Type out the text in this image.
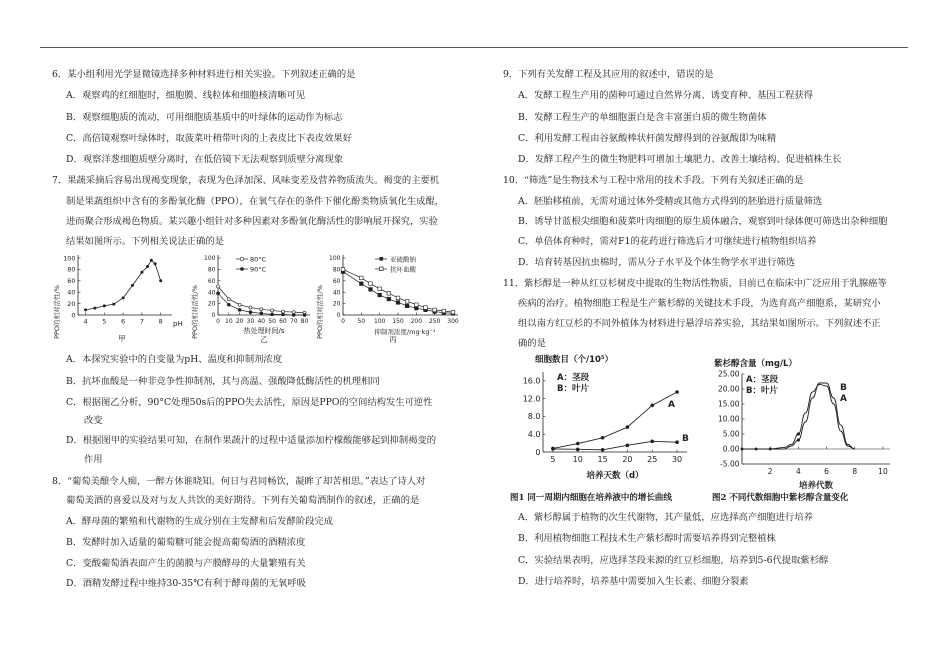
6．某小组利用光学显微镜选择多种材料进行相关实验。下列叙述正确的是
A．观察鸡的红细胞时，细胞膜、线粒体和细胞核清晰可见
B．观察细胞质的流动，可用细胞质基质中的叶绿体的运动作为标志
C．高倍镜观察叶绿体时，取菠菜叶稍带叶肉的上表皮比下表皮效果好
D．观察洋葱细胞质壁分离时，在低倍镜下无法观察到质壁分离现象
7．果蔬采摘后容易出现褐变现象，表现为色泽加深、风味变差及营养物质流失。褐变的主要机
制是果蔬组织中含有的多酚氧化酶（PPO），在氧气存在的条件下催化酚类物质氧化生成醌，
进而聚合形成褐色物质。某兴趣小组针对多种因素对多酚氧化酶活性的影响展开探究，实验
结果如图所示。下列相关说法正确的是
PPO的相对活性/% 0
20
40
60
80
100
4 5 6 7 8 pH
甲	PPO的相对活性/% 0
20
40
60
80
100
0 10 20 30 40 50 60 70 80
80°C
90°C
热处理时间/s
乙
PPO的相对活性/% 0
20
40
60
80
100
0 50 100 150 200 250 300
亚硫酸钠
抗坏血酸
抑制剂浓度/mg·kg⁻¹
丙
A．本探究实验中的自变量为pH、温度和抑制剂浓度
B．抗坏血酸是一种非竞争性抑制剂，其与高温、强酸降低酶活性的机理相同
C．根据图乙分析，90°C处理50s后的PPO失去活性，原因是PPO的空间结构发生可逆性
改变
D．根据图甲的实验结果可知，在制作果蔬汁的过程中适量添加柠檬酸能够起到抑制褐变的
作用
8．“葡萄美酿令人痴，一醉方休谁晓知。何日与君同畅饮，凝眸了却苦相思。”表达了诗人对
葡萄美酒的喜爱以及对与友人共饮的美好期待。下列有关葡萄酒制作的叙述，正确的是
A．酵母菌的繁殖和代谢物的生成分别在主发酵和后发酵阶段完成
B．发酵时加入适量的葡萄糖可能会提高葡萄酒的酒精浓度
C．变酸葡萄酒表面产生的菌膜与产膜酵母的大量繁殖有关
D．酒精发酵过程中维持30-35℃有利于酵母菌的无氧呼吸
9．下列有关发酵工程及其应用的叙述中，错误的是
A．发酵工程生产用的菌种可通过自然界分离、诱变育种、基因工程获得
B．发酵工程生产的单细胞蛋白是含丰富蛋白质的微生物菌体
C．利用发酵工程由谷氨酸棒状杆菌发酵得到的谷氨酸即为味精
D．发酵工程产生的微生物肥料可增加土壤肥力、改善土壤结构、促进植株生长
10．“筛选”是生物技术与工程中常用的技术手段。下列有关叙述正确的是
A．胚胎移植前，无需对通过体外受精或其他方式得到的胚胎进行质量筛选
B．诱导甘蓝根尖细胞和菠菜叶肉细胞的原生质体融合，观察到叶绿体便可筛选出杂种细胞
C．单倍体育种时，需对F1的花药进行筛选后才可继续进行植物组织培养
D．培育转基因抗虫棉时，需从分子水平及个体生物学水平进行筛选
11．紫杉醇是一种从红豆杉树皮中提取的生物活性物质，目前已在临床中广泛应用于乳腺癌等
疾病的治疗。植物细胞工程是生产紫杉醇的关键技术手段，为选育高产细胞系，某研究小
组以南方红豆杉的不同外植体为材料进行悬浮培养实验，其结果如图所示。下列叙述不正
确的是
细胞数目（个/10⁵）
0
4.0
8.0
12.0
16.0
5 10 15 20 25 30
A
B
A：茎段
B：叶片
培养天数（d）
图1 同一周期内细胞在培养液中的增长曲线
紫杉醇含量（mg/L）
-5.00
0.00
5.00
10.00
15.00
20.00
25.00
2	4	6	8	10
B
A
A：茎段
B：叶片
培养代数
图2 不同代数细胞中紫杉醇含量变化
A．紫杉醇属于植物的次生代谢物，其产量低，应选择高产细胞进行培养
B．利用植物细胞工程技术生产紫杉醇时需要培养得到完整植株
C．实验结果表明，应选择茎段来源的红豆杉细胞，培养到5-6代提取紫杉醇
D．进行培养时，培养基中需要加入生长素、细胞分裂素
